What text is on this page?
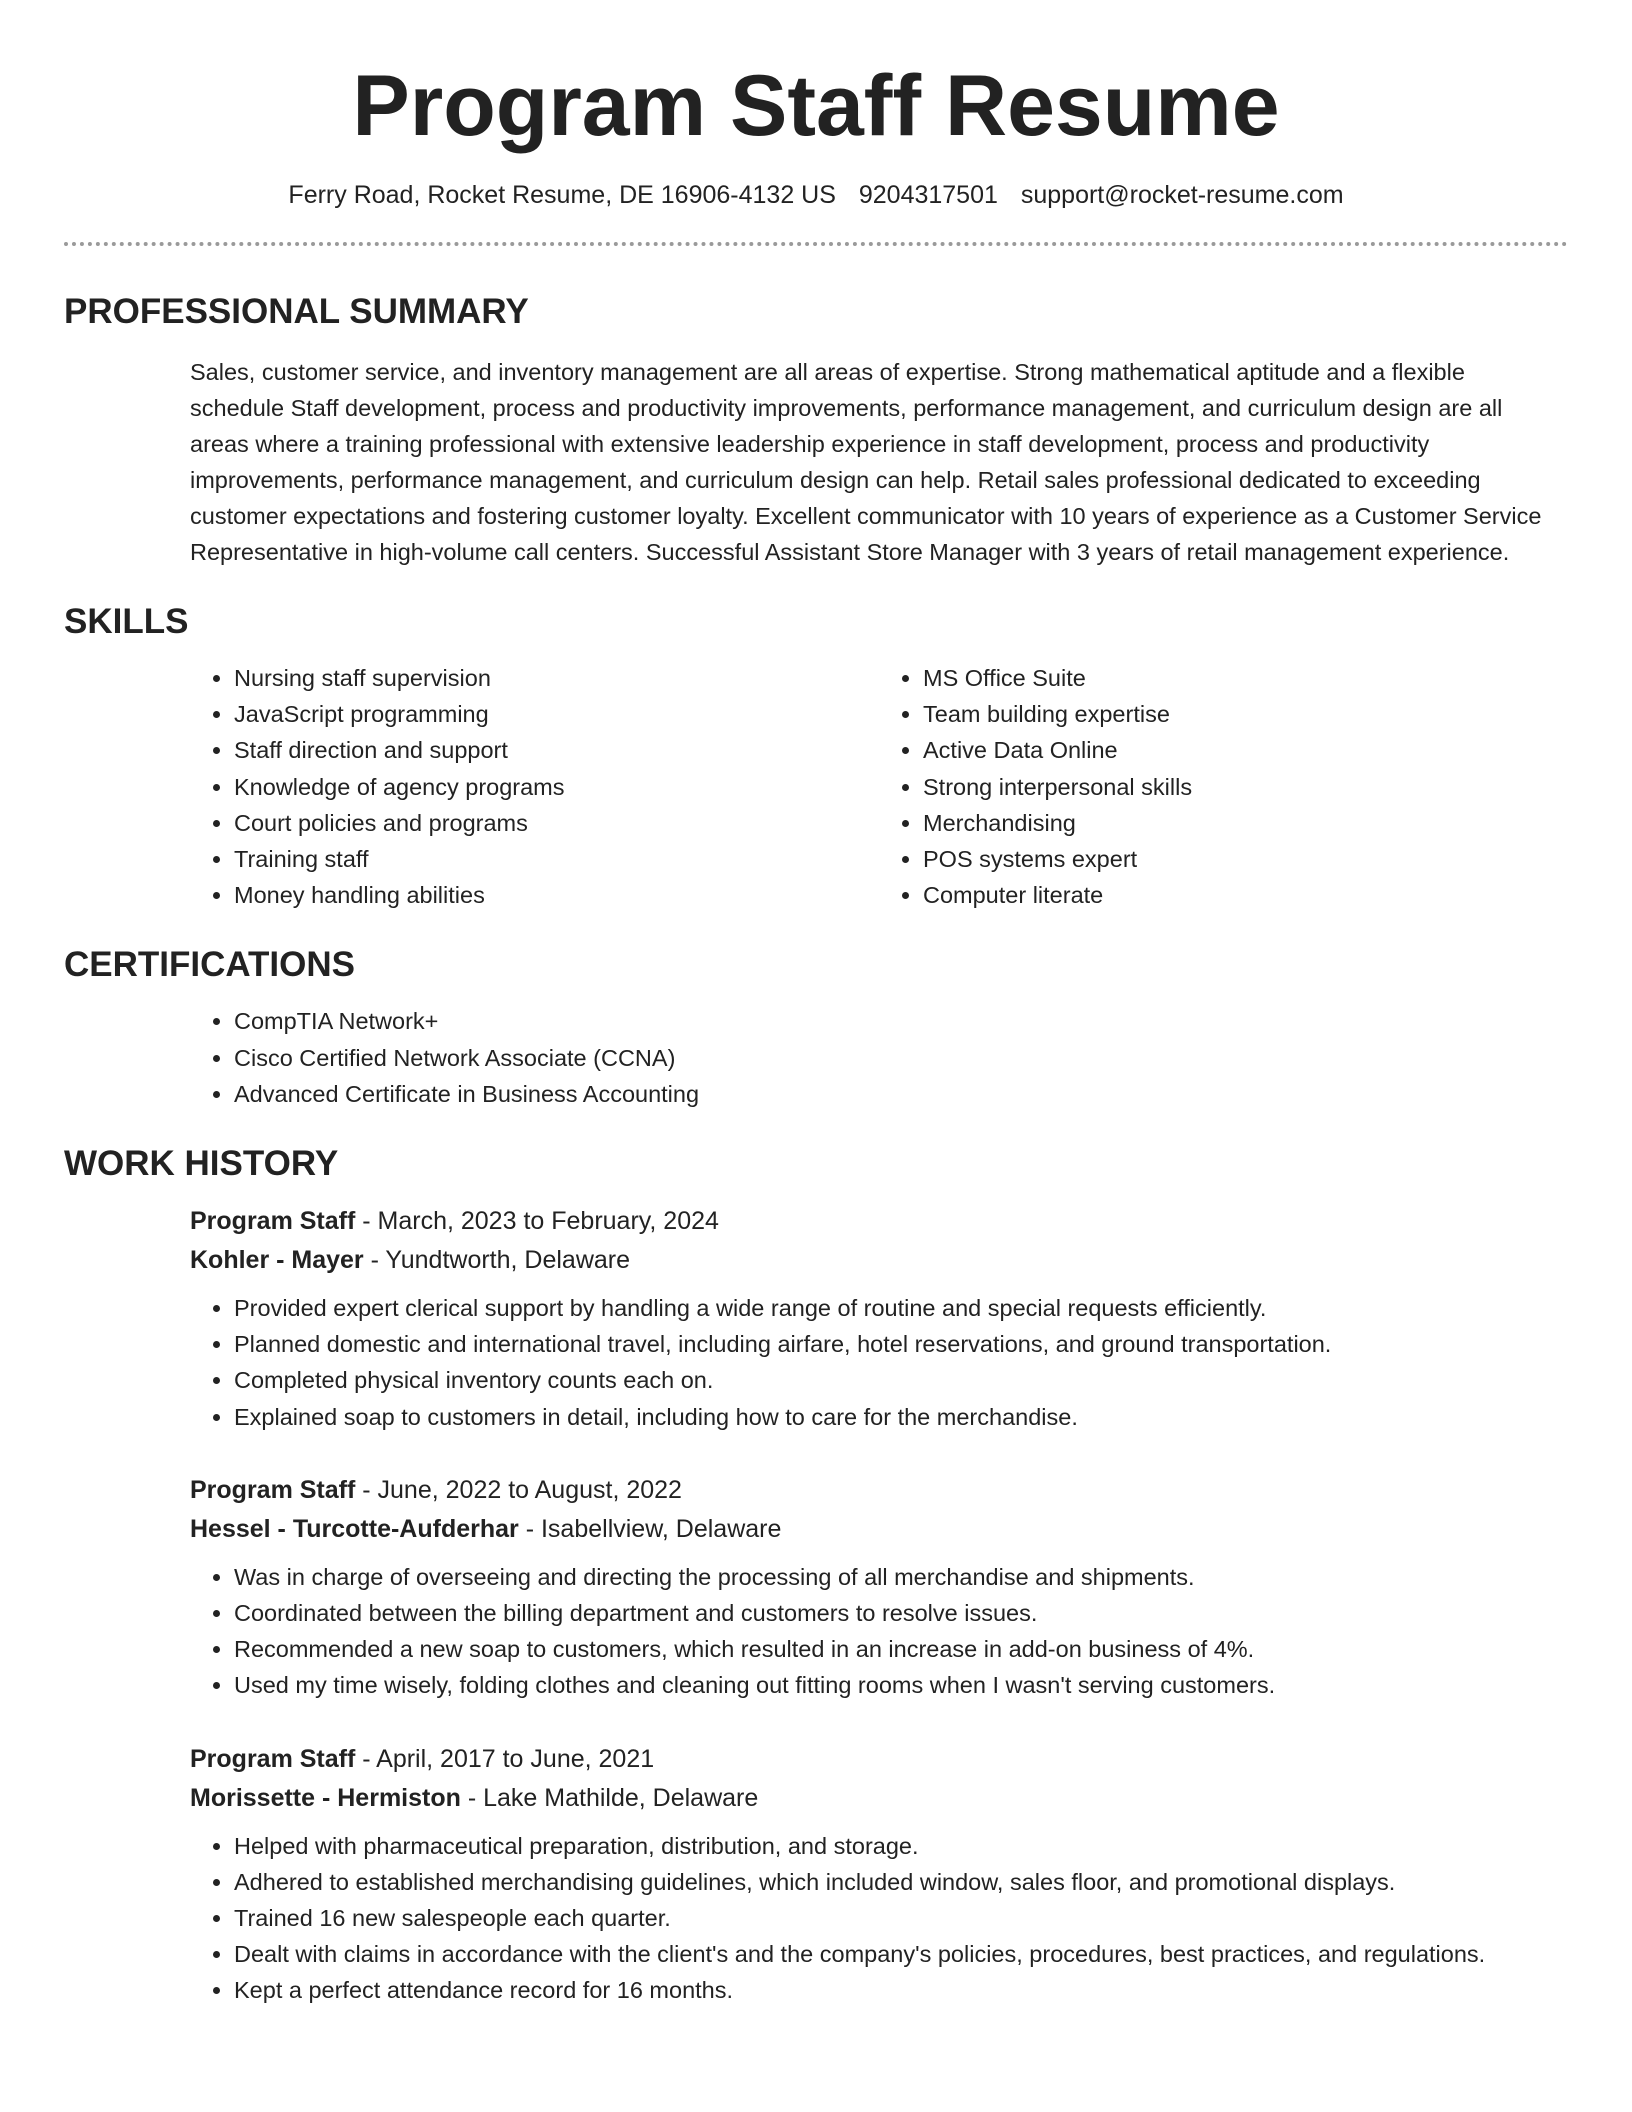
Program Staff Resume
Ferry Road, Rocket Resume, DE 16906-4132 US 9204317501 support@rocket-resume.com
PROFESSIONAL SUMMARY
Sales, customer service, and inventory management are all areas of expertise. Strong mathematical aptitude and a flexible schedule Staff development, process and productivity improvements, performance management, and curriculum design are all areas where a training professional with extensive leadership experience in staff development, process and productivity improvements, performance management, and curriculum design can help. Retail sales professional dedicated to exceeding customer expectations and fostering customer loyalty. Excellent communicator with 10 years of experience as a Customer Service Representative in high-volume call centers. Successful Assistant Store Manager with 3 years of retail management experience.
SKILLS
• Nursing staff supervision
• JavaScript programming
• Staff direction and support
• Knowledge of agency programs
• Court policies and programs
• Training staff
• Money handling abilities
• MS Office Suite
• Team building expertise
• Active Data Online
• Strong interpersonal skills
• Merchandising
• POS systems expert
• Computer literate
CERTIFICATIONS
• CompTIA Network+
• Cisco Certified Network Associate (CCNA)
• Advanced Certificate in Business Accounting
WORK HISTORY
Program Staff - March, 2023 to February, 2024
Kohler - Mayer - Yundtworth, Delaware
• Provided expert clerical support by handling a wide range of routine and special requests efficiently.
• Planned domestic and international travel, including airfare, hotel reservations, and ground transportation.
• Completed physical inventory counts each on.
• Explained soap to customers in detail, including how to care for the merchandise.
Program Staff - June, 2022 to August, 2022
Hessel - Turcotte-Aufderhar - Isabellview, Delaware
• Was in charge of overseeing and directing the processing of all merchandise and shipments.
• Coordinated between the billing department and customers to resolve issues.
• Recommended a new soap to customers, which resulted in an increase in add-on business of 4%.
• Used my time wisely, folding clothes and cleaning out fitting rooms when I wasn't serving customers.
Program Staff - April, 2017 to June, 2021
Morissette - Hermiston - Lake Mathilde, Delaware
• Helped with pharmaceutical preparation, distribution, and storage.
• Adhered to established merchandising guidelines, which included window, sales floor, and promotional displays.
• Trained 16 new salespeople each quarter.
• Dealt with claims in accordance with the client's and the company's policies, procedures, best practices, and regulations.
• Kept a perfect attendance record for 16 months.
